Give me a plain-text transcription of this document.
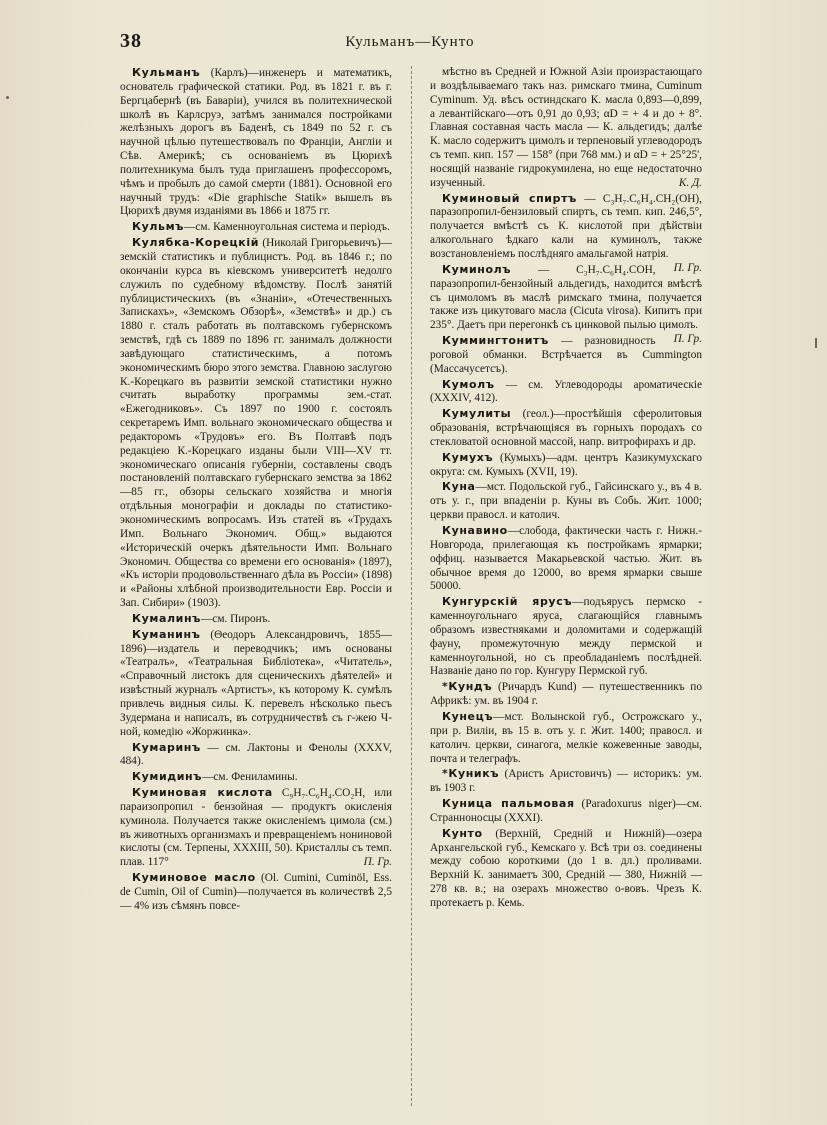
38	Кульманъ—Кунто

Кульманъ (Карлъ)—инженеръ и математикъ, основатель графической статики. Род. въ 1821 г. въ г. Бергцабернѣ (въ Баваріи), учился въ политехнической школѣ въ Карлсруэ, затѣмъ занимался постройками желѣзныхъ дорогъ въ Баденѣ, съ 1849 по 52 г. съ научной цѣлью путешествовалъ по Франціи, Англіи и Сѣв. Америкѣ; съ основаніемъ въ Цюрихѣ политехникума былъ туда приглашенъ профессоромъ, чѣмъ и пробылъ до самой смерти (1881). Основной его научный трудъ: «Die graphische Statik» вышелъ въ Цюрихѣ двумя изданіями въ 1866 и 1875 гг.

Кульмъ—см. Каменноугольная система и періодъ.

Кулябка-Корецкій (Николай Григорьевичъ)—земскій статистикъ и публицистъ. Род. въ 1846 г.; по окончаніи курса въ кіевскомъ университетѣ недолго служилъ по судебному вѣдомству. Послѣ занятій публицистическихъ (въ «Знаніи», «Отечественныхъ Запискахъ», «Земскомъ Обзорѣ», «Земствѣ» и др.) съ 1880 г. сталъ работать въ полтавскомъ губернскомъ земствѣ, гдѣ съ 1889 по 1896 гг. занималъ должности завѣдующаго статистическимъ, а потомъ экономическимъ бюро этого земства. Главною заслугою К.-Корецкаго въ развитіи земской статистики нужно считать выработку программы зем.-стат. «Ежегодниковъ». Съ 1897 по 1900 г. состоялъ секретаремъ Имп. вольнаго экономическаго общества и редакторомъ «Трудовъ» его. Въ Полтавѣ подъ редакціею К.-Корецкаго изданы были VIII—XV тт. экономическаго описанія губерніи, составлены сводъ постановленій полтавскаго губернскаго земства за 1862—85 гг., обзоры сельскаго хозяйства и многія отдѣльныя монографіи и доклады по статистико-экономическимъ вопросамъ. Изъ статей въ «Трудахъ Имп. Вольнаго Экономич. Общ.» выдаются «Историческій очеркъ дѣятельности Имп. Вольнаго Экономич. Общества со времени его основанія» (1897), «Къ исторіи продовольственнаго дѣла въ Россіи» (1898) и «Районы хлѣбной производительности Евр. Россіи и Зап. Сибири» (1903).

Кумалинъ—см. Пиронъ.

Куманинъ (Θеодоръ Александровичъ, 1855—1896)—издатель и переводчикъ; имъ основаны «Театралъ», «Театральная Библіотека», «Читатель», «Справочный листокъ для сценическихъ дѣятелей» и извѣстный журналъ «Артистъ», къ которому К. сумѣлъ привлечь видныя силы. К. перевелъ нѣсколько пьесъ Зудермана и написалъ, въ сотрудничествѣ съ г-жею Ч-ной, комедію «Жоржинка».

Кумаринъ — см. Лактоны и Фенолы (XXXV, 484).

Кумидинъ—см. Фениламины.

Куминовая кислота C₉H₇.C₆H₄.CO₂H, или параизопропил - бензойная — продуктъ окисленія куминола. Получается также окисленіемъ цимола (см.) въ животныхъ организмахъ и превращеніемъ нониновой кислоты (см. Терпены, XXXIII, 50). Кристаллы съ темп. плав. 117°	П. Гр.

Куминовое масло (Ol. Cumini, Cuminöl, Ess. de Cumin, Oil of Cumin)—получается въ количествѣ 2,5 — 4% изъ сѣмянъ повсе-

мѣстно въ Средней и Южной Азіи произрастающаго и воздѣлываемаго такъ наз. римскаго тмина, Cuminum Cyminum. Уд. вѣсъ остиндскаго К. масла 0,893—0,899, а левантійскаго—отъ 0,91 до 0,93; αD = + 4 и до + 8°. Главная составная часть масла — К. альдегидъ; далѣе К. масло содержитъ цимолъ и терпеновый углеводородъ съ темп. кип. 157 — 158° (при 768 мм.) и αD = + 25°25', носящій названіе гидрокумилена, но еще недостаточно изученный.	К. Д.

Куминовый спиртъ — C₃H₇.C₆H₄.CH₂(OH), паразопропил-бензиловый спиртъ, съ темп. кип. 246,5°, получается вмѣстѣ съ К. кислотой при дѣйствіи алкогольнаго ѣдкаго кали на куминолъ, также возстановленіемъ послѣдняго амальгамой натрія.
П. Гр.

Куминолъ — C₃H₇.C₆H₄.COH, паразопропил-бензойный альдегидъ, находится вмѣстѣ съ цимоломъ въ маслѣ римскаго тмина, получается также изъ цикутоваго масла (Cicuta virosa). Кипитъ при 235°. Даетъ при перегонкѣ съ цинковой пылью цимолъ.
П. Гр.

Куммингтонитъ — разновидность роговой обманки. Встрѣчается въ Cummington (Массачусетсъ).

Кумолъ — см. Углеводороды ароматическіе (XXXIV, 412).

Кумулиты (геол.)—простѣйшія сферолитовыя образованія, встрѣчающіяся въ горныхъ породахъ со стекловатой основной массой, напр. витрофирахъ и др.

Кумухъ (Кумыхъ)—адм. центръ Казикумухскаго округа: см. Кумыхъ (XVII, 19).

Куна—мст. Подольской губ., Гайсинскаго у., въ 4 в. отъ у. г., при впаденіи р. Куны въ Собь. Жит. 1000; церкви правосл. и католич.

Кунавино—слобода, фактически часть г. Нижн.-Новгорода, прилегающая къ постройкамъ ярмарки; оффиц. называется Макарьевской частью. Жит. въ обычное время до 12000, во время ярмарки свыше 50000.

Кунгурскій ярусъ—подъярусъ пермско - каменноугольнаго яруса, слагающійся главнымъ образомъ известняками и доломитами и содержащій фауну, промежуточную между пермской и каменноугольной, но съ преобладаніемъ послѣдней. Названіе дано по гор. Кунгуру Пермской губ.

*Кундъ (Ричардъ Kund) — путешественникъ по Африкѣ: ум. въ 1904 г.

Кунецъ—мст. Волынской губ., Острожскаго у., при р. Виліи, въ 15 в. отъ у. г. Жит. 1400; правосл. и католич. церкви, синагога, мелкіе кожевенные заводы, почта и телеграфъ.

*Куникъ (Аристъ Аристовичъ) — историкъ: ум. въ 1903 г.

Куница пальмовая (Paradoxurus niger)—см. Странноносцы (XXXI).

Кунто (Верхній, Средній и Нижній)—озера Архангельской губ., Кемскаго у. Всѣ три оз. соединены между собою короткими (до 1 в. дл.) проливами. Верхній К. занимаетъ 300, Средній — 380, Нижній — 278 кв. в.; на озерахъ множество о-вовъ. Чрезъ К. протекаетъ р. Кемь.
